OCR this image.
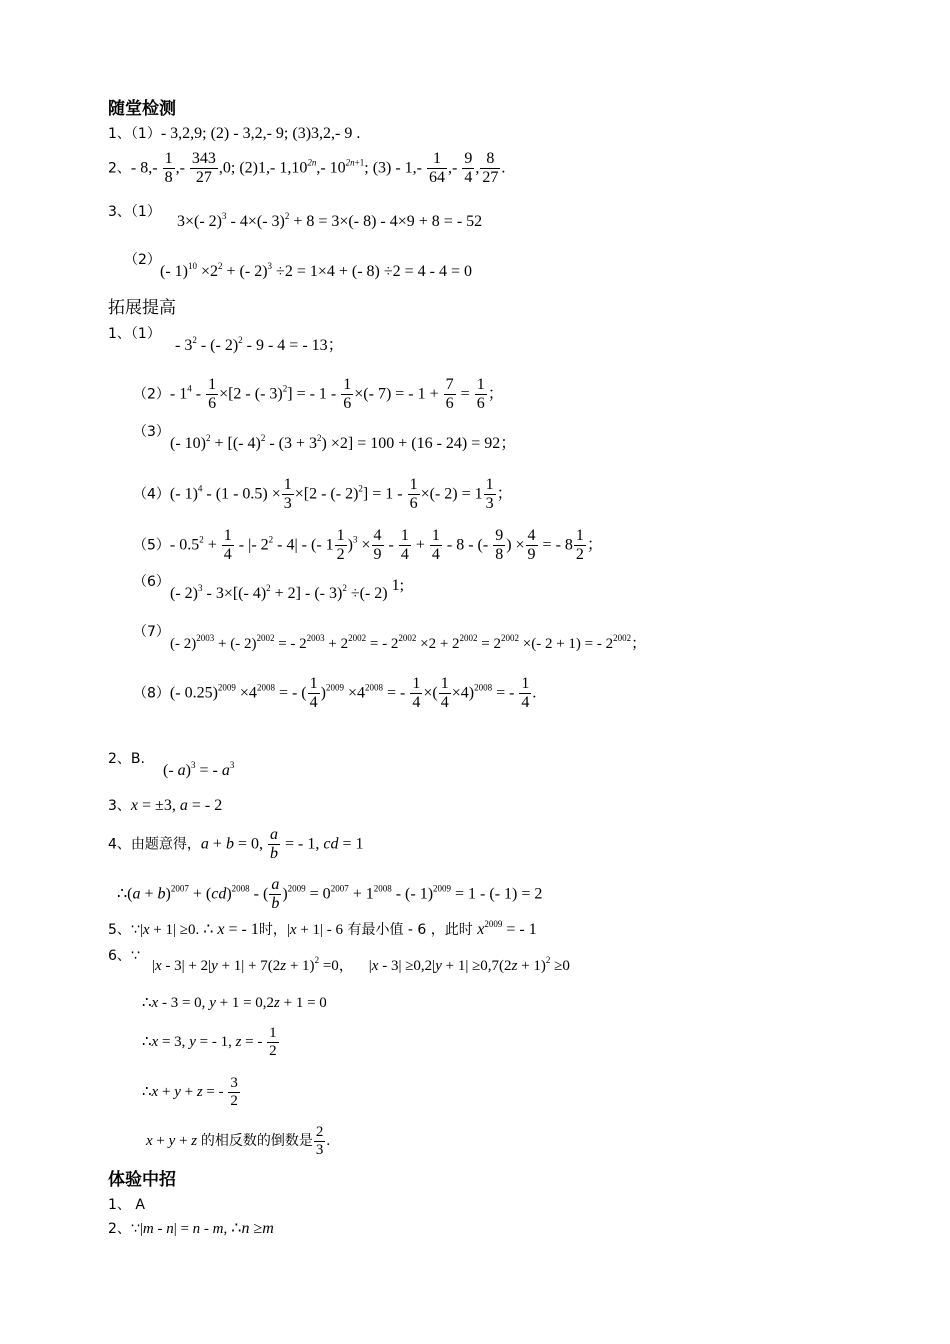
随堂检测
1、（1）- 3,2,9; (2) - 3,2,- 9; (3)3,2,- 9 .
2、- $8,- \frac{1}{8}$ ,- $\frac{343}{27} ,0$; (2)1,- $1,10^{2n},-$ $10^{2n+1}$; $(3) - 1,- \frac{1}{64}$ ,- $\frac{9}{4}$ , $\frac{8}{27}$ .
3、（1）
3×(- 2)$^3$ - 4×(- 3)$^2$ + 8 = 3×(- 8) - 4×9 + 8 = - 52
（2）
(- $1)^{10} \times 2^2$ + (- 2)$^3$ ÷2 = 1×4 + (- 8) ÷2 = 4 - 4 = 0
拓展提高
1、（1）
- $3^2$ - (- 2)$^2$ - 9 - 4 = - 13；
（2）- $1^4 - \frac{1}{6} \times[2$ - (- 3)$^2$] = - $1 - \frac{1}{6}$ ×(- 7) = - $1 + \frac{7}{6} = \frac{1}{6}$ ；
（3）
(- 10)$^2$ + [(- $4)^2 - (3 + 3^2) \times 2] = 100 + (16 - 24) = 92$；
（4）(- $1)^4 - (1 - 0.5) \times \frac{1}{3} \times[2$ - (- $2)^2] = 1 - \frac{1}{6}$ ×(- $2) = 1 \frac{1}{3}$ ；
（5）- $0.5^2 + \frac{1}{4}$ - |- $2^2 - 4|$ - (- $1 \frac{1}{2} )^3 \times \frac{4}{9} - \frac{1}{4} + \frac{1}{4} - 8$ - (- $\frac{9}{8}$ ) × $\frac{4}{9}$ = - $8 \frac{1}{2}$ ；
（6）
(- 2)$^3$ - 3×[(- 4)$^2$ + 2] - (- 3)$^2$ ÷(- 2) 1;
（7）
(- 2)$^{2003}$ + (- 2)$^{2002}$ = - $2^{2003} + 2^{2002}$ = - $2^{2002} \times 2 + 2^{2002} = 2^{2002}$ ×(- 2 + 1) = - $2^{2002}$；
（8）(- $0.25)^{2009} \times 4^{2008}$ = - ( $\frac{1}{4} )^{2009} \times 4^{2008}$ = - $\frac{1}{4}$ ×( $\frac{1}{4} \times 4)^{2008}$ = - $\frac{1}{4}$ .
2、B.
(- a)$^3$ = - $a^3$
3、x = ±3, a = - 2
4、由题意得，a + b = 0, $\frac{a}{b}$ = - 1, cd = 1
∴(a + b)$^{2007}$ + (cd)$^{2008}$ - ( $\frac{a}{b} )^{2009} = 0^{2007} + 1^{2008}$ - (- 1)$^{2009}$ = 1 - (- 1) = 2
5、∵|x + 1| ≥0. ∴ x = - 1时，|x + 1| - 6 有最小值 - 6 ，此时 $x^{2009}$ = - 1
6、∵
$|x - 3| + 2|y + 1| + 7(2z + 1)^2 =0$，    $|x - 3| \ge 0,2|y + 1| \ge 0,7(2z + 1)^2 \ge 0$
∴x - 3 = 0, y + 1 = 0,2z + 1 = 0
∴x = 3, y = - 1, z = - $\frac{1}{2}$
∴x + y + z = - $\frac{3}{2}$
x + y + z 的相反数的倒数是 $\frac{2}{3}$ .
体验中招
1、 A
2、∵|m - n| = n - m, ∴n ≥m
